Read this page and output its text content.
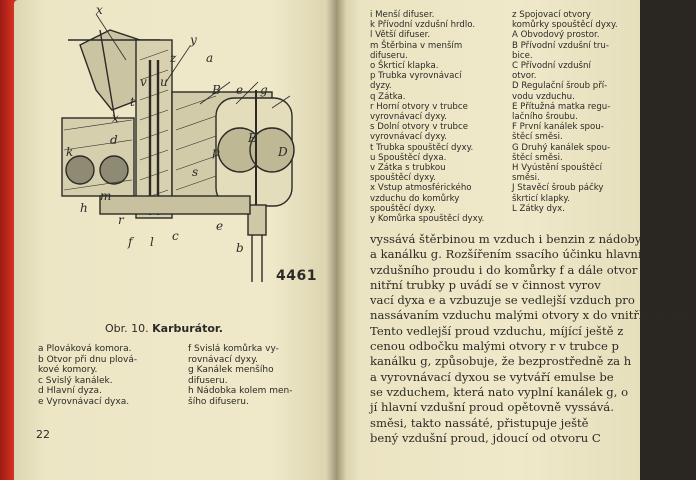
x
y
z
u
v
a
B e g
t
x
d
m
k
h
r
f l c
e
b
E
D
s
p
4461
Obr. 10. Karburátor.
a Plováková komora.
b Otvor při dnu plová-
kové komory.
c Svislý kanálek.
d Hlavní dyza.
e Vyrovnávací dyxa.
f Svislá komůrka vy-
rovnávací dyxy.
g Kanálek menšího
difuseru.
h Nádobka kolem men-
šího difuseru.
22
i Menší difuser.
k Přívodní vzdušní hrdlo.
l Větší difuser.
m Štěrbina v menším
difuseru.
o Škrticí klapka.
p Trubka vyrovnávací
dyzy.
q Zátka.
r Horní otvory v trubce
vyrovnávací dyxy.
s Dolní otvory v trubce
vyrovnávací dyxy.
t Trubka spouštěcí dyxy.
u Spouštěcí dyxa.
v Zátka s trubkou
spouštěcí dyxy.
x Vstup atmosférického
vzduchu do komůrky
spouštěcí dyxy.
y Komůrka spouštěcí dyxy.
z Spojovací otvory
komůrky spouštěcí dyxy.
A Obvodový prostor.
B Přívodní vzdušní tru-
bice.
C Přívodní vzdušní
otvor.
D Regulační šroub pří-
vodu vzduchu.
E Přítužná matka regu-
lačního šroubu.
F První kanálek spou-
štěcí směsi.
G Druhý kanálek spou-
štěcí směsi.
H Vyústění spouštěcí
směsi.
J Stavěcí šroub páčky
škrticí klapky.
L Zátky dyx.
vyssává štěrbinou m vzduch i benzin z nádoby
a kanálku g. Rozšířením ssacího účinku hlavní
vzdušního proudu i do komůrky f a dále otvor
nitřní trubky p uvádí se v činnost vyrov
vací dyxa e a vzbuzuje se vedlejší vzduch pro
nassávaním vzduchu malými otvory x do vnitřku trubky
Tento vedlejší proud vzduchu, míjící ještě z
cenou odbočku malými otvory r v trubce p
kanálku g, způsobuje, že bezprostředně za h
a vyrovnávací dyxou se vytváří emulse be
se vzduchem, která nato vyplní kanálek g, o
jí hlavní vzdušní proud opětovně vyssává.
směsi, takto nassáté, přistupuje ještě
bený vzdušní proud, jdoucí od otvoru C
